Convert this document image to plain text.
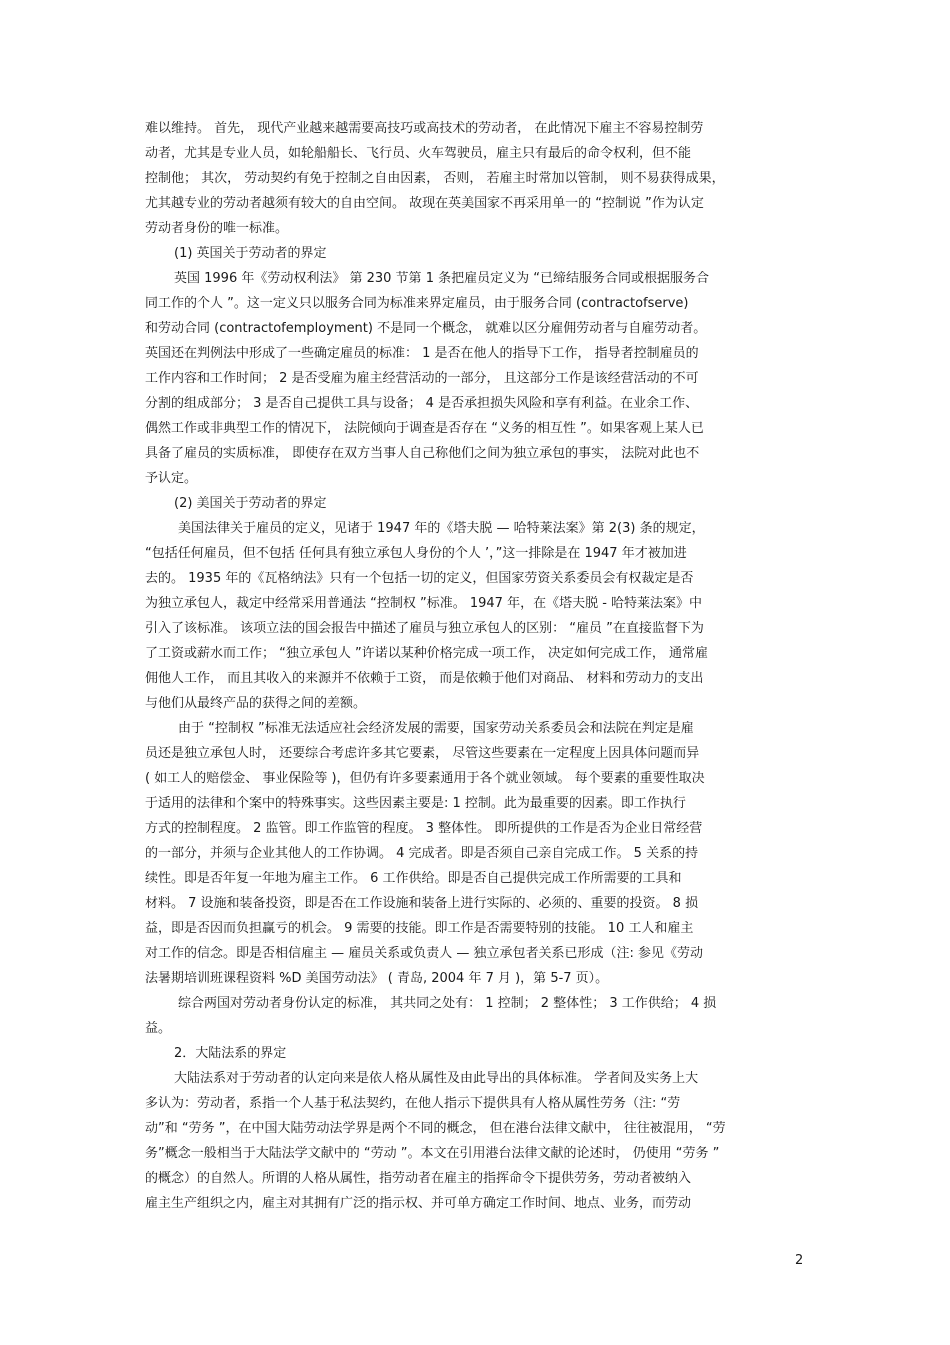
难以维持。 首先， 现代产业越来越需要高技巧或高技术的劳动者， 在此情况下雇主不容易控制劳
动者，尤其是专业人员，如轮船船长、飞行员、火车驾驶员，雇主只有最后的命令权利，但不能
控制他； 其次， 劳动契约有免于控制之自由因素， 否则， 若雇主时常加以管制， 则不易获得成果，
尤其越专业的劳动者越须有较大的自由空间。 故现在英美国家不再采用单一的 “控制说 ”作为认定
劳动者身份的唯一标准。
(1) 英国关于劳动者的界定
英国 1996 年《劳动权利法》 第 230 节第 1 条把雇员定义为 “已缔结服务合同或根据服务合
同工作的个人 ”。这一定义只以服务合同为标准来界定雇员，由于服务合同 (contractofserve)
和劳动合同 (contractofemployment) 不是同一个概念， 就难以区分雇佣劳动者与自雇劳动者。
英国还在判例法中形成了一些确定雇员的标准： 1 是否在他人的指导下工作， 指导者控制雇员的
工作内容和工作时间； 2 是否受雇为雇主经营活动的一部分， 且这部分工作是该经营活动的不可
分割的组成部分； 3 是否自己提供工具与设备； 4 是否承担损失风险和享有利益。在业余工作、
偶然工作或非典型工作的情况下， 法院倾向于调查是否存在 “义务的相互性 ”。如果客观上某人已
具备了雇员的实质标准， 即使存在双方当事人自己称他们之间为独立承包的事实， 法院对此也不
予认定。
(2) 美国关于劳动者的界定
美国法律关于雇员的定义，见诸于 1947 年的《塔夫脱 — 哈特莱法案》第 2(3) 条的规定，
“包括任何雇员，但不包括 任何具有独立承包人身份的个人 ’，”这一排除是在 1947 年才被加进
去的。 1935 年的《瓦格纳法》只有一个包括一切的定义，但国家劳资关系委员会有权裁定是否
为独立承包人，裁定中经常采用普通法 “控制权 ”标准。 1947 年，在《塔夫脱 - 哈特莱法案》中
引入了该标准。 该项立法的国会报告中描述了雇员与独立承包人的区别： “雇员 ”在直接监督下为
了工资或薪水而工作； “独立承包人 ”许诺以某种价格完成一项工作， 决定如何完成工作， 通常雇
佣他人工作， 而且其收入的来源并不依赖于工资， 而是依赖于他们对商品、 材料和劳动力的支出
与他们从最终产品的获得之间的差额。
由于 “控制权 ”标准无法适应社会经济发展的需要，国家劳动关系委员会和法院在判定是雇
员还是独立承包人时， 还要综合考虑许多其它要素， 尽管这些要素在一定程度上因具体问题而异
( 如工人的赔偿金、 事业保险等 )，但仍有许多要素通用于各个就业领域。 每个要素的重要性取决
于适用的法律和个案中的特殊事实。这些因素主要是: 1 控制。此为最重要的因素。即工作执行
方式的控制程度。 2 监管。即工作监管的程度。 3 整体性。 即所提供的工作是否为企业日常经营
的一部分，并须与企业其他人的工作协调。 4 完成者。即是否须自己亲自完成工作。 5 关系的持
续性。即是否年复一年地为雇主工作。 6 工作供给。即是否自己提供完成工作所需要的工具和
材料。 7 设施和装备投资，即是否在工作设施和装备上进行实际的、必须的、重要的投资。 8 损
益，即是否因而负担赢亏的机会。 9 需要的技能。即工作是否需要特别的技能。 10 工人和雇主
对工作的信念。即是否相信雇主 — 雇员关系或负责人 — 独立承包者关系已形成（注: 参见《劳动
法暑期培训班课程资料 %D 美国劳动法》 ( 青岛, 2004 年 7 月 )，第 5-7 页）。
综合两国对劳动者身份认定的标准， 其共同之处有： 1 控制； 2 整体性； 3 工作供给； 4 损
益。
2．大陆法系的界定
大陆法系对于劳动者的认定向来是依人格从属性及由此导出的具体标准。 学者间及实务上大
多认为：劳动者，系指一个人基于私法契约，在他人指示下提供具有人格从属性劳务（注: “劳
动”和 “劳务 ”，在中国大陆劳动法学界是两个不同的概念， 但在港台法律文献中， 往往被混用， “劳
务”概念一般相当于大陆法学文献中的 “劳动 ”。本文在引用港台法律文献的论述时， 仍使用 “劳务 ”
的概念）的自然人。所谓的人格从属性，指劳动者在雇主的指挥命令下提供劳务，劳动者被纳入
雇主生产组织之内，雇主对其拥有广泛的指示权、并可单方确定工作时间、地点、业务，而劳动
2
